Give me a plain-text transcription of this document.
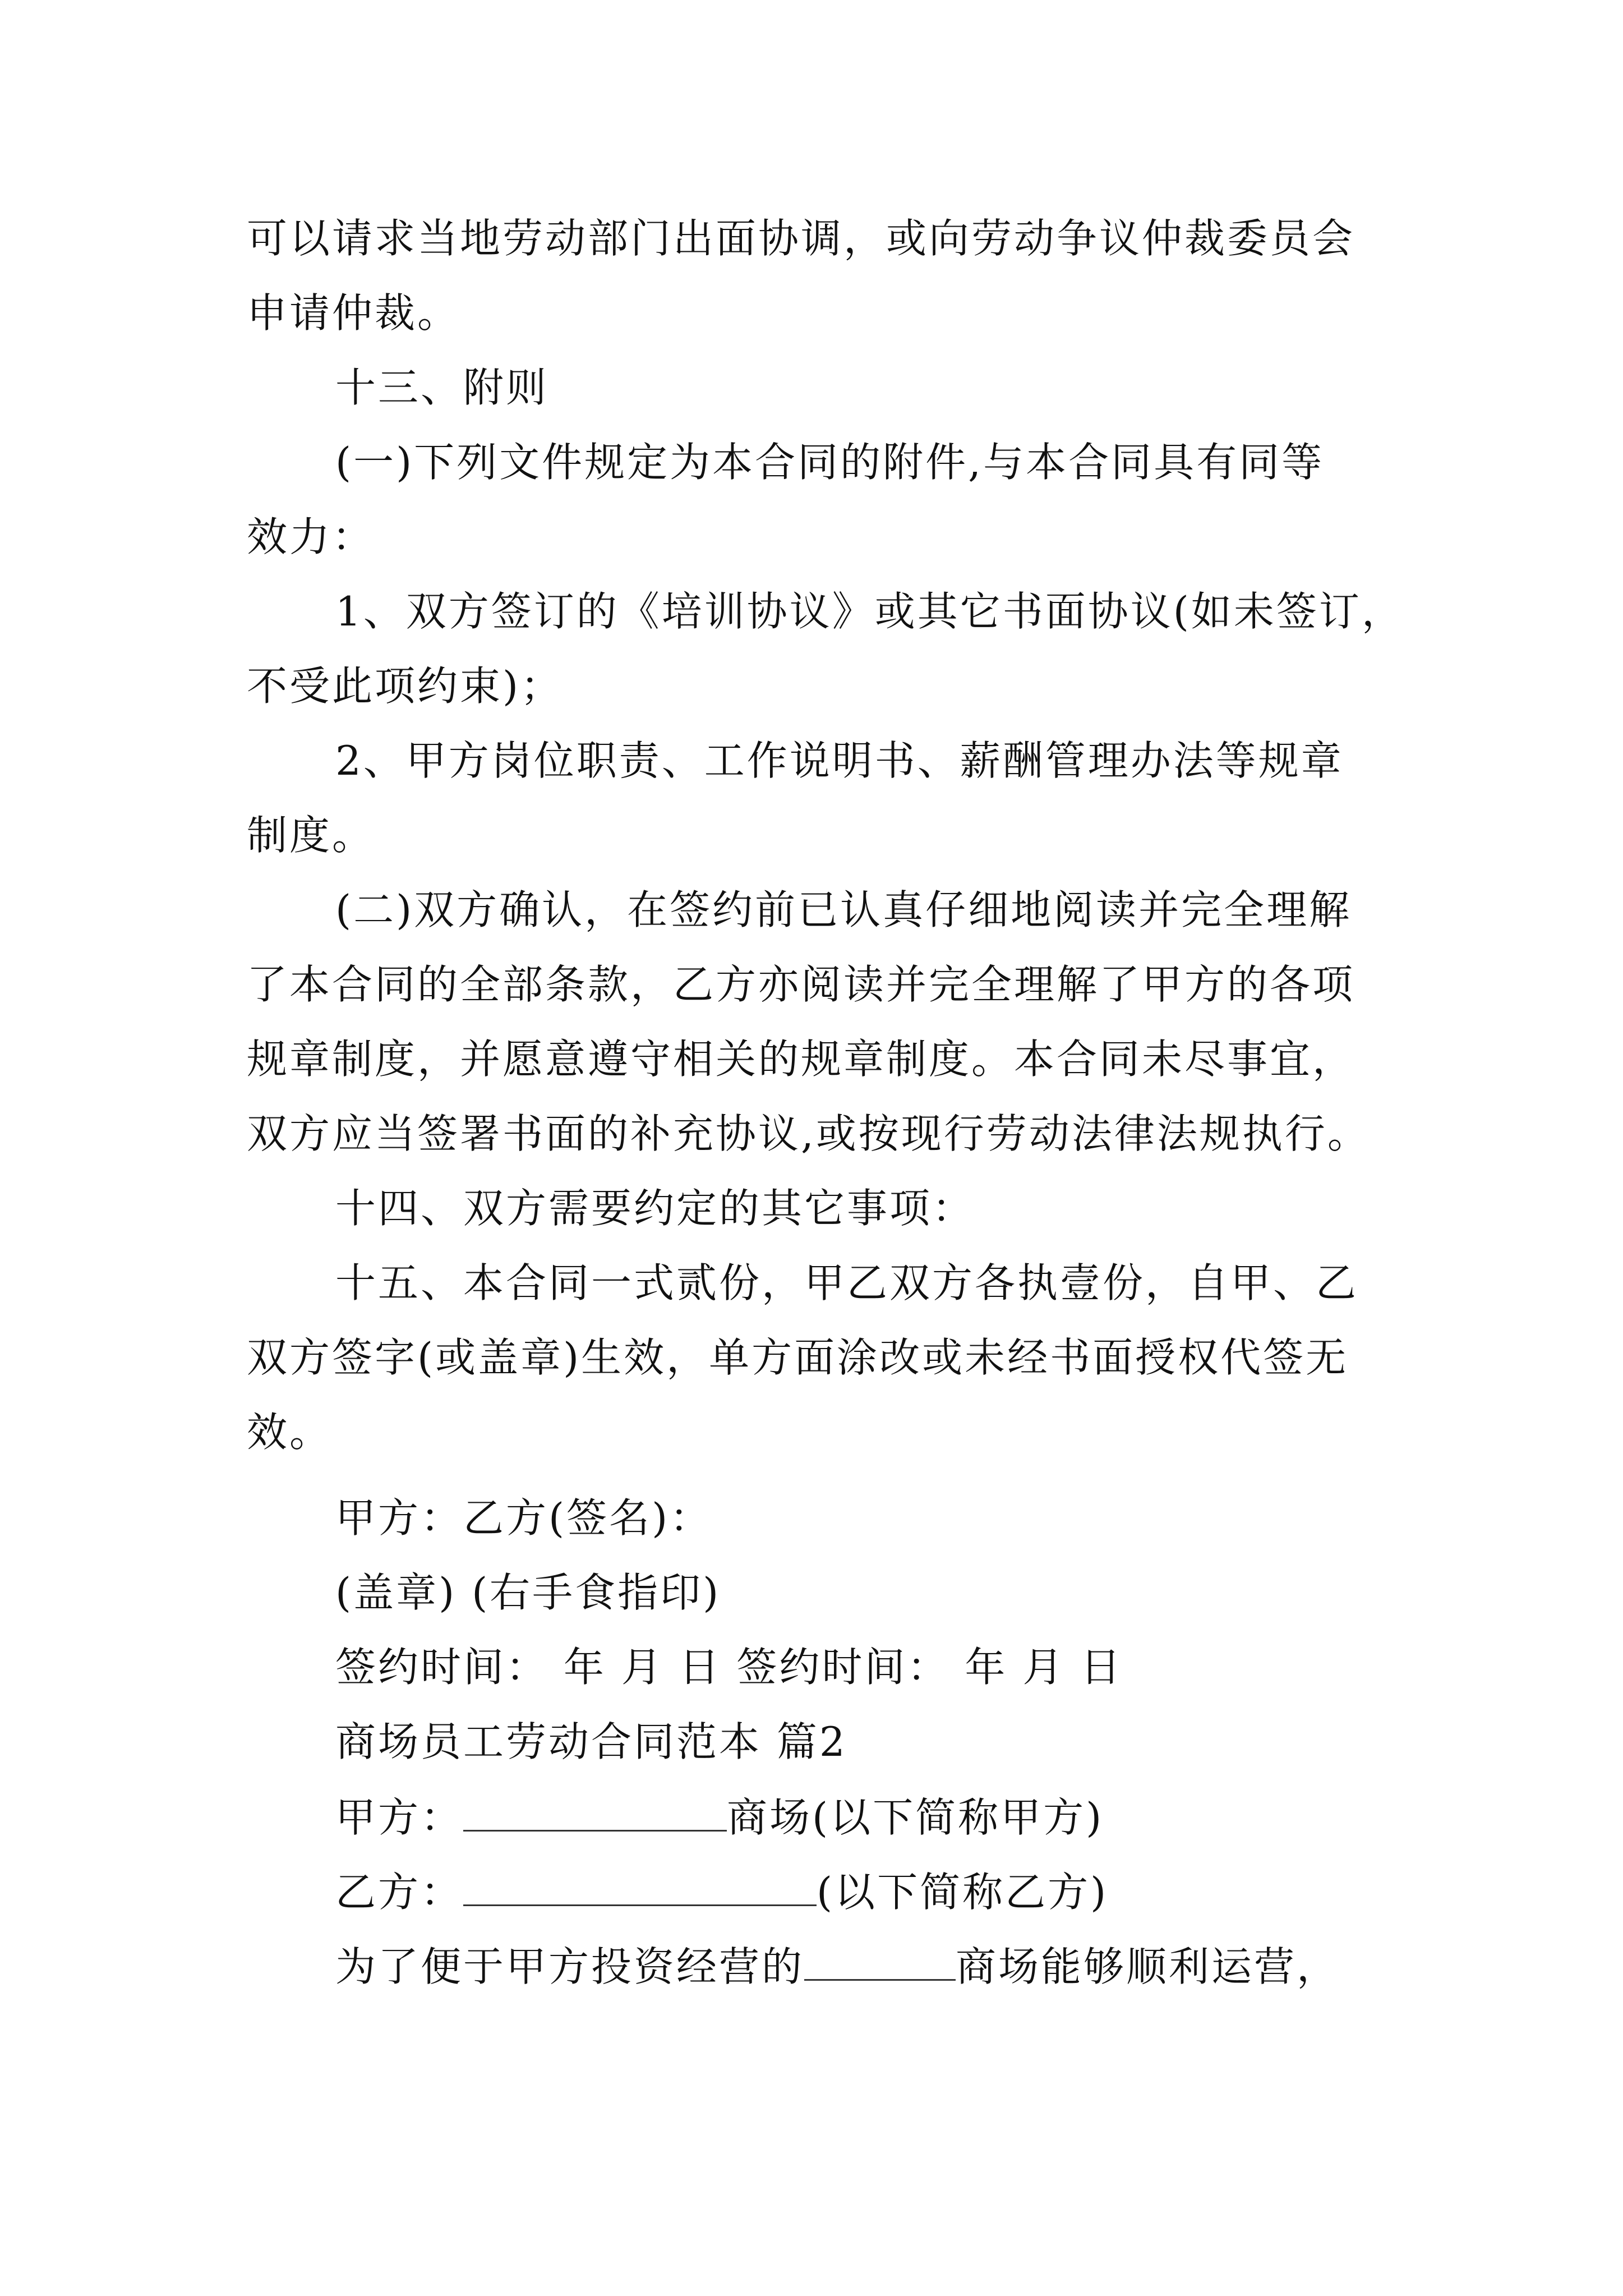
可以请求当地劳动部门出面协调，或向劳动争议仲裁委员会
申请仲裁。
十三、附则
(一)下列文件规定为本合同的附件,与本合同具有同等
效力：
1、双方签订的《培训协议》或其它书面协议(如未签订，
不受此项约束)；
2、甲方岗位职责、工作说明书、薪酬管理办法等规章
制度。
(二)双方确认，在签约前已认真仔细地阅读并完全理解
了本合同的全部条款，乙方亦阅读并完全理解了甲方的各项
规章制度，并愿意遵守相关的规章制度。本合同未尽事宜，
双方应当签署书面的补充协议,或按现行劳动法律法规执行。
十四、双方需要约定的其它事项：
十五、本合同一式贰份，甲乙双方各执壹份，自甲、乙
双方签字(或盖章)生效，单方面涂改或未经书面授权代签无
效。
甲方：乙方(签名)：
(盖章) (右手食指印)
签约时间： 年 月 日 签约时间： 年 月 日
商场员工劳动合同范本 篇2
甲方：	商场(以下简称甲方)
乙方：	(以下简称乙方)
为了便于甲方投资经营的	商场能够顺利运营，
